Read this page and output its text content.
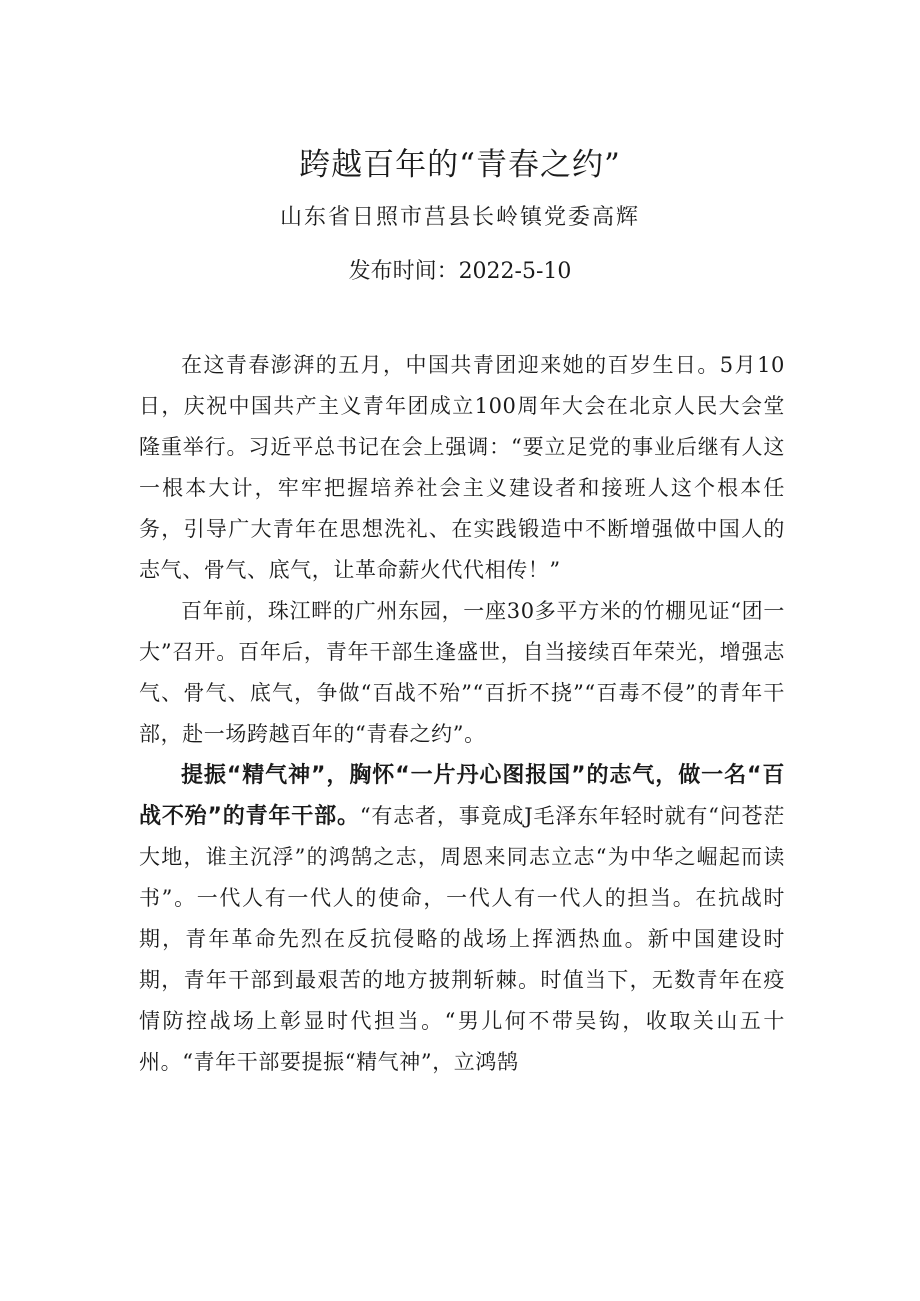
跨越百年的“青春之约”
山东省日照市莒县长岭镇党委高辉
发布时间：2022-5-10

在这青春澎湃的五月，中国共青团迎来她的百岁生日。5月10日，庆祝中国共产主义青年团成立100周年大会在北京人民大会堂隆重举行。习近平总书记在会上强调：“要立足党的事业后继有人这一根本大计，牢牢把握培养社会主义建设者和接班人这个根本任务，引导广大青年在思想洗礼、在实践锻造中不断增强做中国人的志气、骨气、底气，让革命薪火代代相传！”

百年前，珠江畔的广州东园，一座30多平方米的竹棚见证“团一大”召开。百年后，青年干部生逢盛世，自当接续百年荣光，增强志气、骨气、底气，争做“百战不殆”“百折不挠”“百毒不侵”的青年干部，赴一场跨越百年的“青春之约”。

提振“精气神”，胸怀“一片丹心图报国”的志气，做一名“百战不殆”的青年干部。“有志者，事竟成J毛泽东年轻时就有“问苍茫大地，谁主沉浮”的鸿鹄之志，周恩来同志立志“为中华之崛起而读书”。一代人有一代人的使命，一代人有一代人的担当。在抗战时期，青年革命先烈在反抗侵略的战场上挥洒热血。新中国建设时期，青年干部到最艰苦的地方披荆斩棘。时值当下，无数青年在疫情防控战场上彰显时代担当。“男儿何不带吴钩，收取关山五十州。“青年干部要提振“精气神”，立鸿鹄
